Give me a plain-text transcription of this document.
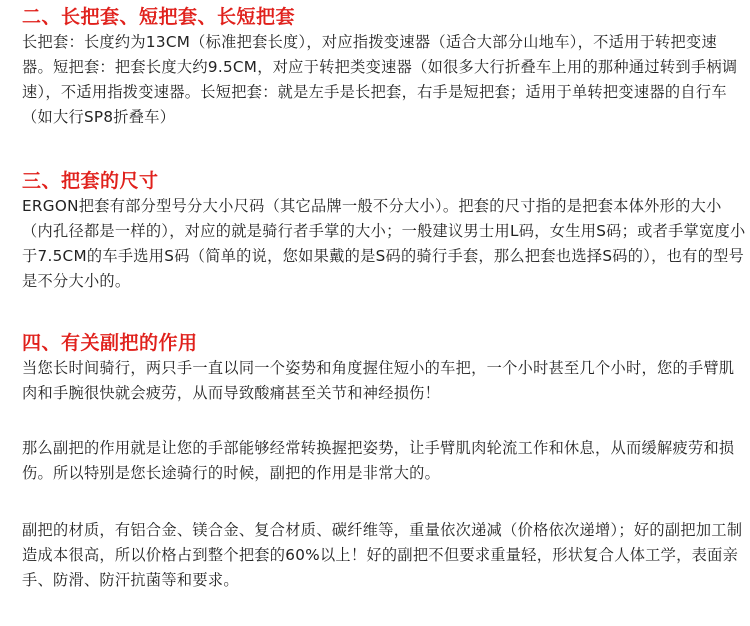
二、长把套、短把套、长短把套

长把套：长度约为13CM（标准把套长度），对应指拨变速器（适合大部分山地车），不适用于转把变速器。短把套：把套长度大约9.5CM，对应于转把类变速器（如很多大行折叠车上用的那种通过转到手柄调速），不适用指拨变速器。长短把套：就是左手是长把套，右手是短把套；适用于单转把变速器的自行车（如大行SP8折叠车）

三、把套的尺寸

ERGON把套有部分型号分大小尺码（其它品牌一般不分大小）。把套的尺寸指的是把套本体外形的大小（内孔径都是一样的），对应的就是骑行者手掌的大小；一般建议男士用L码，女生用S码；或者手掌宽度小于7.5CM的车手选用S码（简单的说，您如果戴的是S码的骑行手套，那么把套也选择S码的），也有的型号是不分大小的。

四、有关副把的作用

当您长时间骑行，两只手一直以同一个姿势和角度握住短小的车把，一个小时甚至几个小时，您的手臂肌肉和手腕很快就会疲劳，从而导致酸痛甚至关节和神经损伤！

那么副把的作用就是让您的手部能够经常转换握把姿势，让手臂肌肉轮流工作和休息，从而缓解疲劳和损伤。所以特别是您长途骑行的时候，副把的作用是非常大的。

副把的材质，有铝合金、镁合金、复合材质、碳纤维等，重量依次递减（价格依次递增）；好的副把加工制造成本很高，所以价格占到整个把套的60%以上！好的副把不但要求重量轻，形状复合人体工学，表面亲手、防滑、防汗抗菌等和要求。
